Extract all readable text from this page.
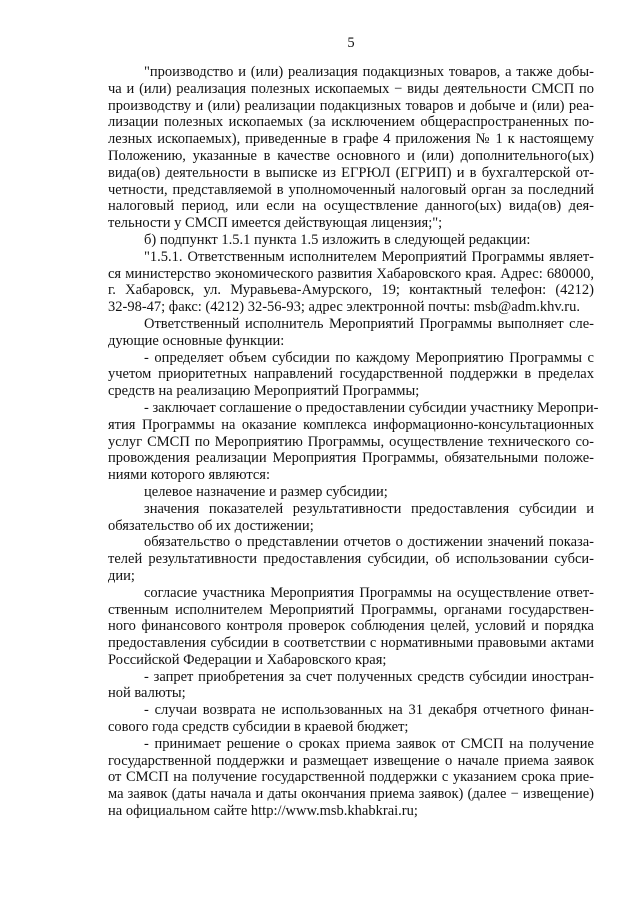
5
"производство и (или) реализация подакцизных товаров, а также добы-
ча и (или) реализация полезных ископаемых − виды деятельности СМСП по
производству и (или) реализации подакцизных товаров и добыче и (или) реа-
лизации полезных ископаемых (за исключением общераспространенных по-
лезных ископаемых), приведенные в графе 4 приложения № 1 к настоящему
Положению, указанные в качестве основного и (или) дополнительного(ых)
вида(ов) деятельности в выписке из ЕГРЮЛ (ЕГРИП) и в бухгалтерской от-
четности, представляемой в уполномоченный налоговый орган за последний
налоговый период, или если на осуществление данного(ых) вида(ов) дея-
тельности у СМСП имеется действующая лицензия;";
б) подпункт 1.5.1 пункта 1.5 изложить в следующей редакции:
"1.5.1. Ответственным исполнителем Мероприятий Программы являет-
ся министерство экономического развития Хабаровского края. Адрес: 680000,
г. Хабаровск, ул. Муравьева-Амурского, 19; контактный телефон: (4212)
32-98-47; факс: (4212) 32-56-93; адрес электронной почты: msb@adm.khv.ru.
Ответственный исполнитель Мероприятий Программы выполняет сле-
дующие основные функции:
- определяет объем субсидии по каждому Мероприятию Программы с
учетом приоритетных направлений государственной поддержки в пределах
средств на реализацию Мероприятий Программы;
- заключает соглашение о предоставлении субсидии участнику Меропри-
ятия Программы на оказание комплекса информационно-консультационных
услуг СМСП по Мероприятию Программы, осуществление технического со-
провождения реализации Мероприятия Программы, обязательными положе-
ниями которого являются:
целевое назначение и размер субсидии;
значения показателей результативности предоставления субсидии и
обязательство об их достижении;
обязательство о представлении отчетов о достижении значений показа-
телей результативности предоставления субсидии, об использовании субси-
дии;
согласие участника Мероприятия Программы на осуществление ответ-
ственным исполнителем Мероприятий Программы, органами государствен-
ного финансового контроля проверок соблюдения целей, условий и порядка
предоставления субсидии в соответствии с нормативными правовыми актами
Российской Федерации и Хабаровского края;
- запрет приобретения за счет полученных средств субсидии иностран-
ной валюты;
- случаи возврата не использованных на 31 декабря отчетного финан-
сового года средств субсидии в краевой бюджет;
- принимает решение о сроках приема заявок от СМСП на получение
государственной поддержки и размещает извещение о начале приема заявок
от СМСП на получение государственной поддержки с указанием срока прие-
ма заявок (даты начала и даты окончания приема заявок) (далее − извещение)
на официальном сайте http://www.msb.khabkrai.ru;
